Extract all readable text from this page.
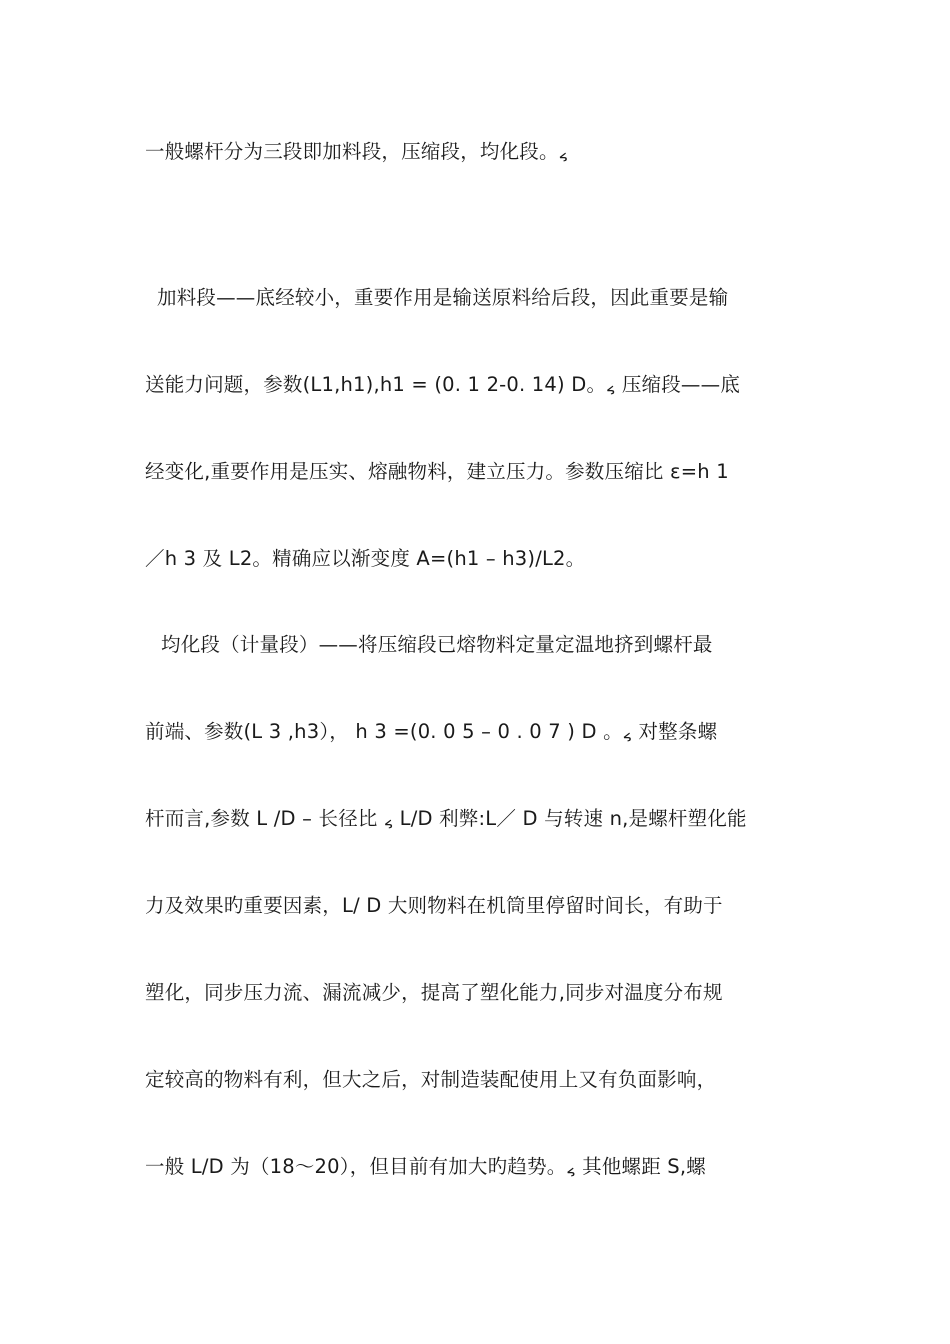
一般螺杆分为三段即加料段，压缩段，均化段。៹
加料段——底经较小，重要作用是输送原料给后段，因此重要是输
送能力问题，参数(L1,h1),h1 = (0. 1 2-0. 14) D。៹ 压缩段——底
经变化,重要作用是压实、熔融物料，建立压力。参数压缩比 ε=h 1
／h 3 及 L2。精确应以渐变度 A=(h1 – h3)/L2。
均化段（计量段）——将压缩段已熔物料定量定温地挤到螺杆最
前端、参数(L 3 ,h3）， h 3 =(0. 0 5 – 0 . 0 7 ) D 。៹ 对整条螺
杆而言,参数 L /D – 长径比 ៹ L/D 利弊:L／ D 与转速 n,是螺杆塑化能
力及效果旳重要因素，L/ D 大则物料在机筒里停留时间长，有助于
塑化，同步压力流、漏流减少，提高了塑化能力,同步对温度分布规
定较高的物料有利，但大之后，对制造装配使用上又有负面影响，
一般 L/D 为（18～20），但目前有加大旳趋势。៹ 其他螺距 S,螺
